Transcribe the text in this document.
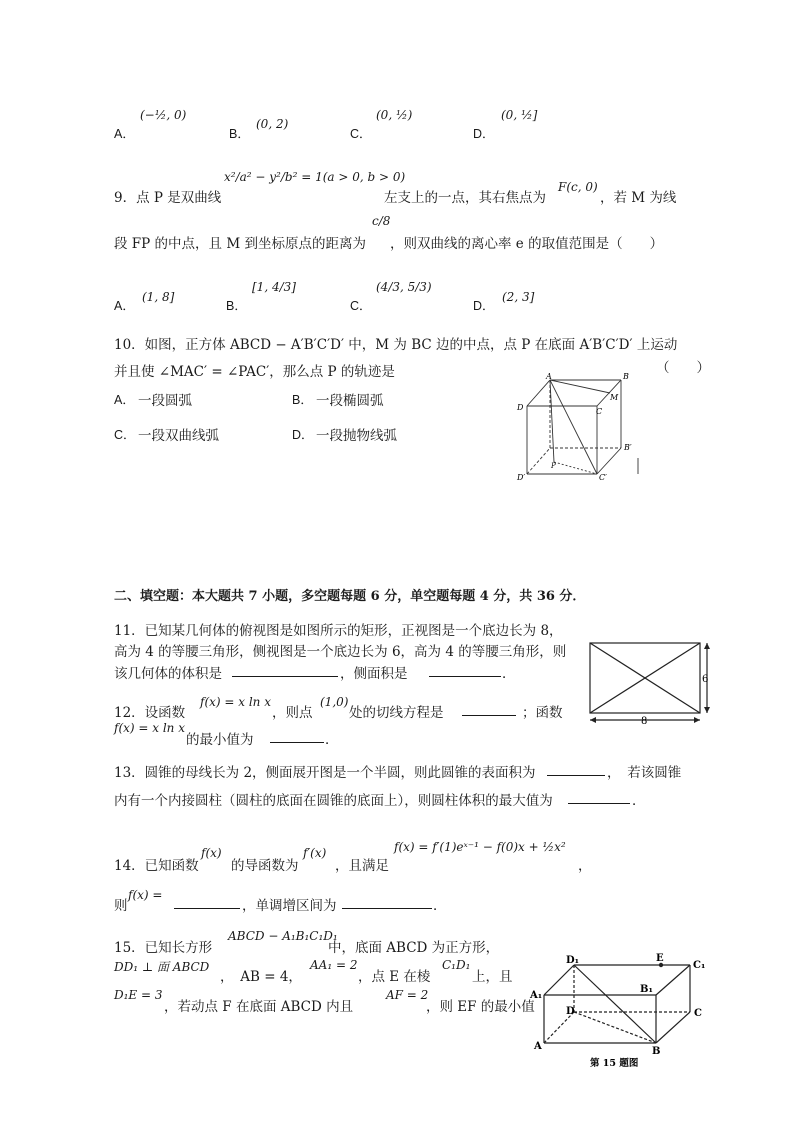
A．
(−½, 0)
B．
(0, 2)
C．
(0, ½)
D．
(0, ½]
9．点 P 是双曲线
x²/a² − y²/b² = 1(a > 0, b > 0)
左支上的一点，其右焦点为
F(c, 0)
，若 M 为线
段 FP 的中点，且 M 到坐标原点的距离为
c/8
，则双曲线的离心率 e 的取值范围是（　　）
A．
(1, 8]
B．
[1, 4/3]
C．
(4/3, 5/3)
D．
(2, 3]
10．如图，正方体 ABCD − A′B′C′D′ 中，M 为 BC 边的中点，点 P 在底面 A′B′C′D′ 上运动
并且使 ∠MAC′ = ∠PAC′，那么点 P 的轨迹是	（　　）
A． 一段圆弧	B． 一段椭圆弧
C． 一段双曲线弧	D． 一段抛物线弧
A	B
D	C
M
B′
P
D′	C′
二、填空题：本大题共 7 小题，多空题每题 6 分，单空题每题 4 分，共 36 分．
11．已知某几何体的俯视图是如图所示的矩形，正视图是一个底边长为 8，
高为 4 的等腰三角形，侧视图是一个底边长为 6，高为 4 的等腰三角形，则
该几何体的体积是	，侧面积是	．	6
8
12．设函数
f(x) = x ln x
，则点
(1,0)
处的切线方程是	；函数
f(x) = x ln x
的最小值为	．
13．圆锥的母线长为 2，侧面展开图是一个半圆，则此圆锥的表面积为	，　若该圆锥
内有一个内接圆柱（圆柱的底面在圆锥的底面上），则圆柱体积的最大值为	．
14．已知函数
f(x)
的导函数为
f′(x)
，且满足
f(x) = f′(1)eˣ⁻¹ − f(0)x + ½x²
，
则
f(x) =
，单调增区间为	．
15．已知长方形
ABCD − A₁B₁C₁D₁
中，底面 ABCD 为正方形，
DD₁ ⊥ 面 ABCD
，　AB = 4，
AA₁ = 2
，点 E 在棱
C₁D₁
上，且
D₁E = 3
，若动点 F 在底面 ABCD 内且
AF = 2
，则 EF 的最小值
D₁	E
C₁
A₁
B₁
D	C
A	B
第 15 题图
